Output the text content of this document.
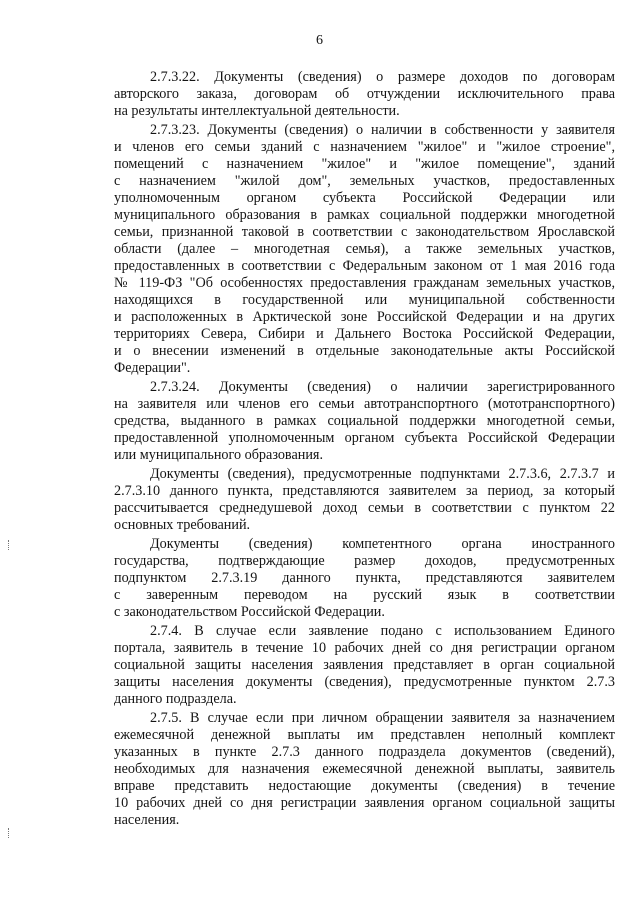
6

2.7.3.22. Документы (сведения) о размере доходов по договорам
авторского заказа, договорам об отчуждении исключительного права
на результаты интеллектуальной деятельности.

2.7.3.23. Документы (сведения) о наличии в собственности у заявителя
и членов его семьи зданий с назначением "жилое" и "жилое строение",
помещений с назначением "жилое" и "жилое помещение", зданий
с назначением "жилой дом", земельных участков, предоставленных
уполномоченным органом субъекта Российской Федерации или
муниципального образования в рамках социальной поддержки многодетной
семьи, признанной таковой в соответствии с законодательством Ярославской
области (далее – многодетная семья), а также земельных участков,
предоставленных в соответствии с Федеральным законом от 1 мая 2016 года
№ 119-ФЗ "Об особенностях предоставления гражданам земельных участков,
находящихся в государственной или муниципальной собственности
и расположенных в Арктической зоне Российской Федерации и на других
территориях Севера, Сибири и Дальнего Востока Российской Федерации,
и о внесении изменений в отдельные законодательные акты Российской
Федерации".

2.7.3.24. Документы (сведения) о наличии зарегистрированного
на заявителя или членов его семьи автотранспортного (мототранспортного)
средства, выданного в рамках социальной поддержки многодетной семьи,
предоставленной уполномоченным органом субъекта Российской Федерации
или муниципального образования.

Документы (сведения), предусмотренные подпунктами 2.7.3.6, 2.7.3.7 и
2.7.3.10 данного пункта, представляются заявителем за период, за который
рассчитывается среднедушевой доход семьи в соответствии с пунктом 22
основных требований.

Документы (сведения) компетентного органа иностранного
государства, подтверждающие размер доходов, предусмотренных
подпунктом 2.7.3.19 данного пункта, представляются заявителем
с заверенным переводом на русский язык в соответствии
с законодательством Российской Федерации.

2.7.4. В случае если заявление подано с использованием Единого
портала, заявитель в течение 10 рабочих дней со дня регистрации органом
социальной защиты населения заявления представляет в орган социальной
защиты населения документы (сведения), предусмотренные пунктом 2.7.3
данного подраздела.

2.7.5. В случае если при личном обращении заявителя за назначением
ежемесячной денежной выплаты им представлен неполный комплект
указанных в пункте 2.7.3 данного подраздела документов (сведений),
необходимых для назначения ежемесячной денежной выплаты, заявитель
вправе представить недостающие документы (сведения) в течение
10 рабочих дней со дня регистрации заявления органом социальной защиты
населения.
